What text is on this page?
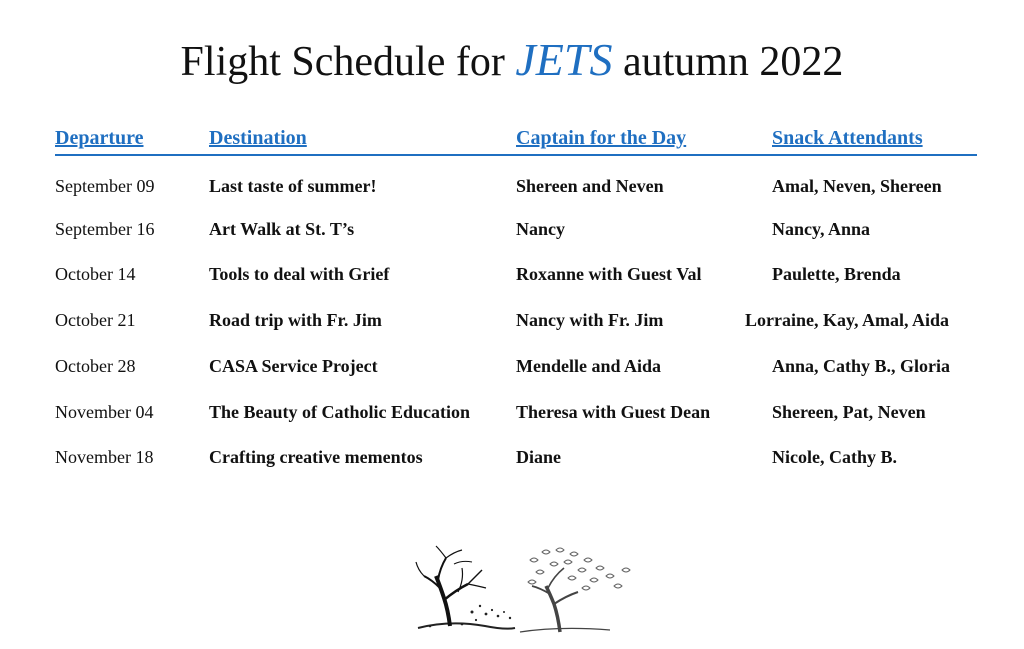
Flight Schedule for JETS autumn 2022
Departure	Destination	Captain for the Day	Snack Attendants
September 09	Last taste of summer!	Shereen and Neven	Amal, Neven, Shereen
September 16	Art Walk at St. T’s	Nancy	Nancy, Anna
October 14	Tools to deal with Grief	Roxanne with Guest Val	Paulette, Brenda
October 21	Road trip with Fr. Jim	Nancy with Fr. Jim	Lorraine, Kay, Amal, Aida
October 28	CASA Service Project	Mendelle and Aida	Anna, Cathy B., Gloria
November 04	The Beauty of Catholic Education	Theresa with Guest Dean	Shereen, Pat, Neven
November 18	Crafting creative mementos	Diane	Nicole, Cathy B.
